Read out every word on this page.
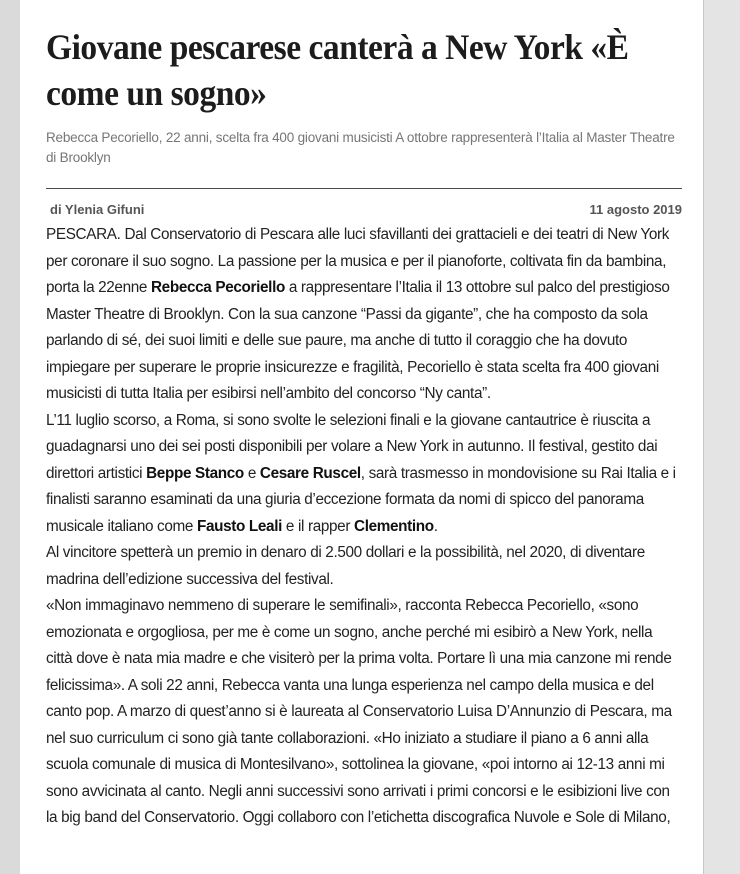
Giovane pescarese canterà a New York «È come un sogno»
Rebecca Pecoriello, 22 anni, scelta fra 400 giovani musicisti A ottobre rappresenterà l’Italia al Master Theatre di Brooklyn
di Ylenia Gifuni	11 agosto 2019

PESCARA. Dal Conservatorio di Pescara alle luci sfavillanti dei grattacieli e dei teatri di New York per coronare il suo sogno. La passione per la musica e per il pianoforte, coltivata fin da bambina, porta la 22enne Rebecca Pecoriello a rappresentare l’Italia il 13 ottobre sul palco del prestigioso Master Theatre di Brooklyn. Con la sua canzone “Passi da gigante”, che ha composto da sola parlando di sé, dei suoi limiti e delle sue paure, ma anche di tutto il coraggio che ha dovuto impiegare per superare le proprie insicurezze e fragilità, Pecoriello è stata scelta fra 400 giovani musicisti di tutta Italia per esibirsi nell’ambito del concorso “Ny canta”.

L’11 luglio scorso, a Roma, si sono svolte le selezioni finali e la giovane cantautrice è riuscita a guadagnarsi uno dei sei posti disponibili per volare a New York in autunno. Il festival, gestito dai direttori artistici Beppe Stanco e Cesare Ruscel, sarà trasmesso in mondovisione su Rai Italia e i finalisti saranno esaminati da una giuria d’eccezione formata da nomi di spicco del panorama musicale italiano come Fausto Leali e il rapper Clementino.

Al vincitore spetterà un premio in denaro di 2.500 dollari e la possibilità, nel 2020, di diventare madrina dell’edizione successiva del festival.

«Non immaginavo nemmeno di superare le semifinali», racconta Rebecca Pecoriello, «sono emozionata e orgogliosa, per me è come un sogno, anche perché mi esibirò a New York, nella città dove è nata mia madre e che visiterò per la prima volta. Portare lì una mia canzone mi rende felicissima». A soli 22 anni, Rebecca vanta una lunga esperienza nel campo della musica e del canto pop. A marzo di quest’anno si è laureata al Conservatorio Luisa D’Annunzio di Pescara, ma nel suo curriculum ci sono già tante collaborazioni. «Ho iniziato a studiare il piano a 6 anni alla scuola comunale di musica di Montesilvano», sottolinea la giovane, «poi intorno ai 12-13 anni mi sono avvicinata al canto. Negli anni successivi sono arrivati i primi concorsi e le esibizioni live con la big band del Conservatorio. Oggi collaboro con l’etichetta discografica Nuvole e Sole di Milano,
